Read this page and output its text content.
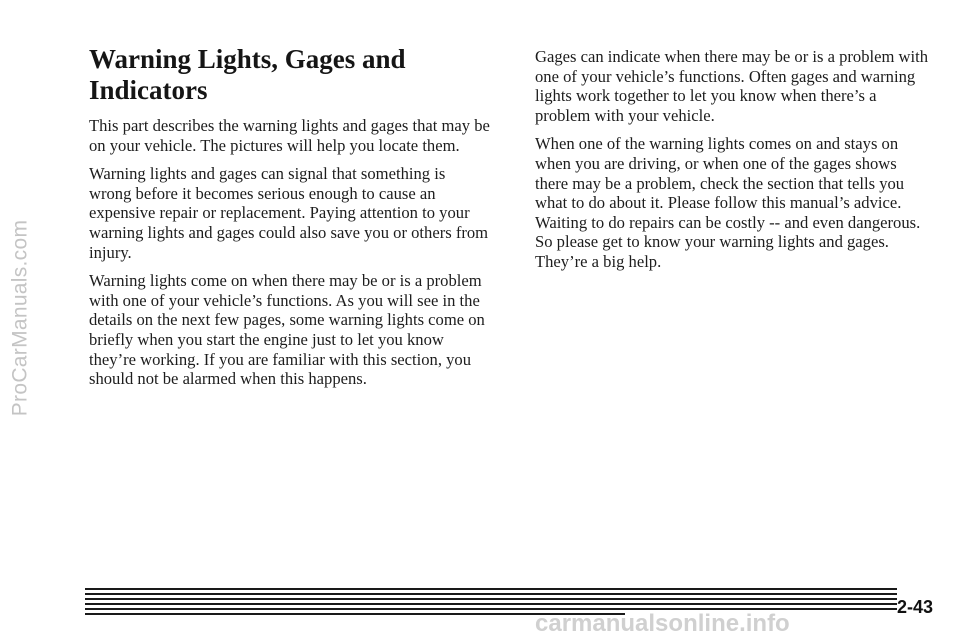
ProCarManuals.com
Warning Lights, Gages and Indicators

This part describes the warning lights and gages that may be on your vehicle. The pictures will help you locate them.

Warning lights and gages can signal that something is wrong before it becomes serious enough to cause an expensive repair or replacement. Paying attention to your warning lights and gages could also save you or others from injury.

Warning lights come on when there may be or is a problem with one of your vehicle’s functions. As you will see in the details on the next few pages, some warning lights come on briefly when you start the engine just to let you know they’re working. If you are familiar with this section, you should not be alarmed when this happens.

Gages can indicate when there may be or is a problem with one of your vehicle’s functions. Often gages and warning lights work together to let you know when there’s a problem with your vehicle.

When one of the warning lights comes on and stays on when you are driving, or when one of the gages shows there may be a problem, check the section that tells you what to do about it. Please follow this manual’s advice. Waiting to do repairs can be costly -- and even dangerous. So please get to know your warning lights and gages. They’re a big help.

2-43
carmanualsonline.info
